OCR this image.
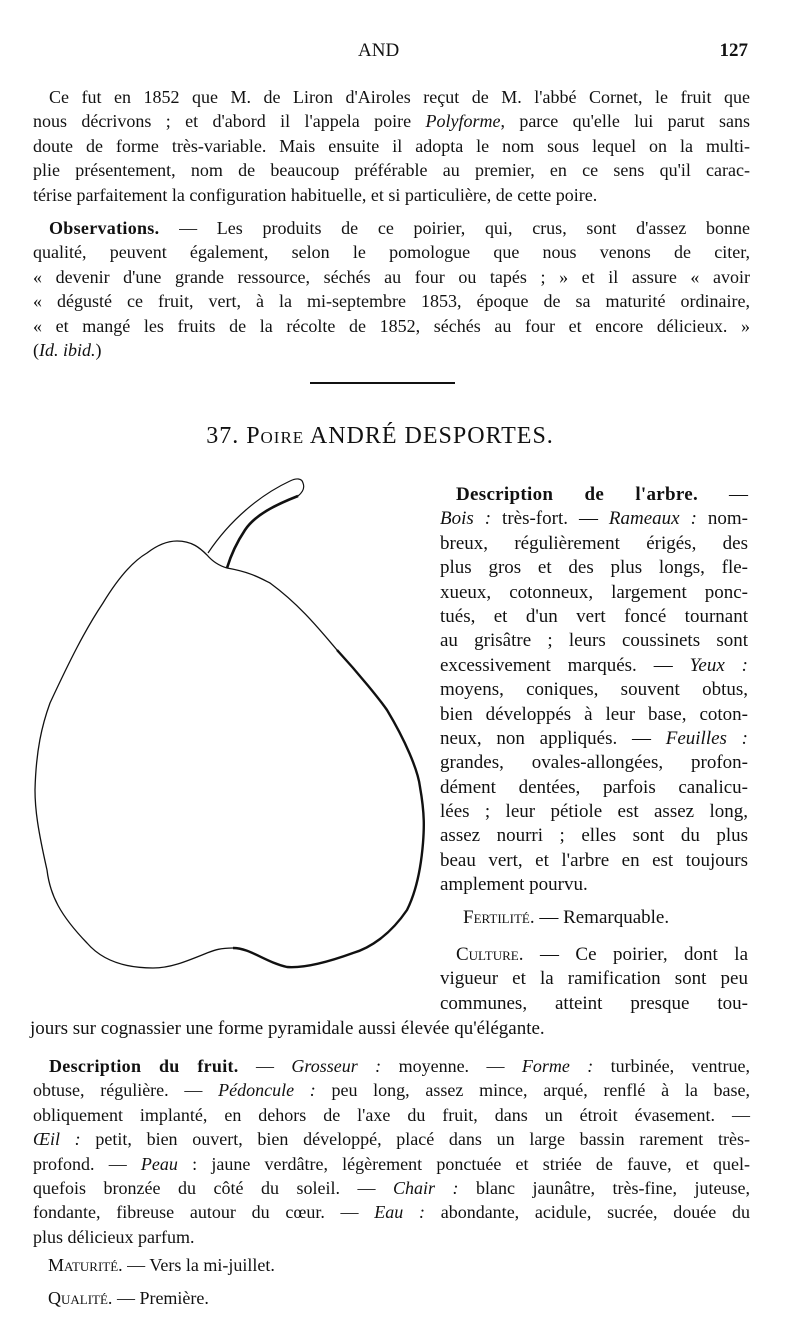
AND	127
Ce fut en 1852 que M. de Liron d'Airoles reçut de M. l'abbé Cornet, le fruit que
nous décrivons ; et d'abord il l'appela poire Polyforme, parce qu'elle lui parut sans
doute de forme très-variable. Mais ensuite il adopta le nom sous lequel on la multi-
plie présentement, nom de beaucoup préférable au premier, en ce sens qu'il carac-
térise parfaitement la configuration habituelle, et si particulière, de cette poire.
Observations. — Les produits de ce poirier, qui, crus, sont d'assez bonne
qualité, peuvent également, selon le pomologue que nous venons de citer,
« devenir d'une grande ressource, séchés au four ou tapés ; » et il assure « avoir
« dégusté ce fruit, vert, à la mi-septembre 1853, époque de sa maturité ordinaire,
« et mangé les fruits de la récolte de 1852, séchés au four et encore délicieux. »
(Id. ibid.)
37. Poire ANDRÉ DESPORTES.
Description de l'arbre. —
Bois : très-fort. — Rameaux : nom-
breux, régulièrement érigés, des
plus gros et des plus longs, fle-
xueux, cotonneux, largement ponc-
tués, et d'un vert foncé tournant
au grisâtre ; leurs coussinets sont
excessivement marqués. — Yeux :
moyens, coniques, souvent obtus,
bien développés à leur base, coton-
neux, non appliqués. — Feuilles :
grandes, ovales-allongées, profon-
dément dentées, parfois canalicu-
lées ; leur pétiole est assez long,
assez nourri ; elles sont du plus
beau vert, et l'arbre en est toujours
amplement pourvu.
Fertilité. — Remarquable.
Culture. — Ce poirier, dont la
vigueur et la ramification sont peu
communes, atteint presque tou-
jours sur cognassier une forme pyramidale aussi élevée qu'élégante.
Description du fruit. — Grosseur : moyenne. — Forme : turbinée, ventrue,
obtuse, régulière. — Pédoncule : peu long, assez mince, arqué, renflé à la base,
obliquement implanté, en dehors de l'axe du fruit, dans un étroit évasement. —
Œil : petit, bien ouvert, bien développé, placé dans un large bassin rarement très-
profond. — Peau : jaune verdâtre, légèrement ponctuée et striée de fauve, et quel-
quefois bronzée du côté du soleil. — Chair : blanc jaunâtre, très-fine, juteuse,
fondante, fibreuse autour du cœur. — Eau : abondante, acidule, sucrée, douée du
plus délicieux parfum.
Maturité. — Vers la mi-juillet.
Qualité. — Première.
